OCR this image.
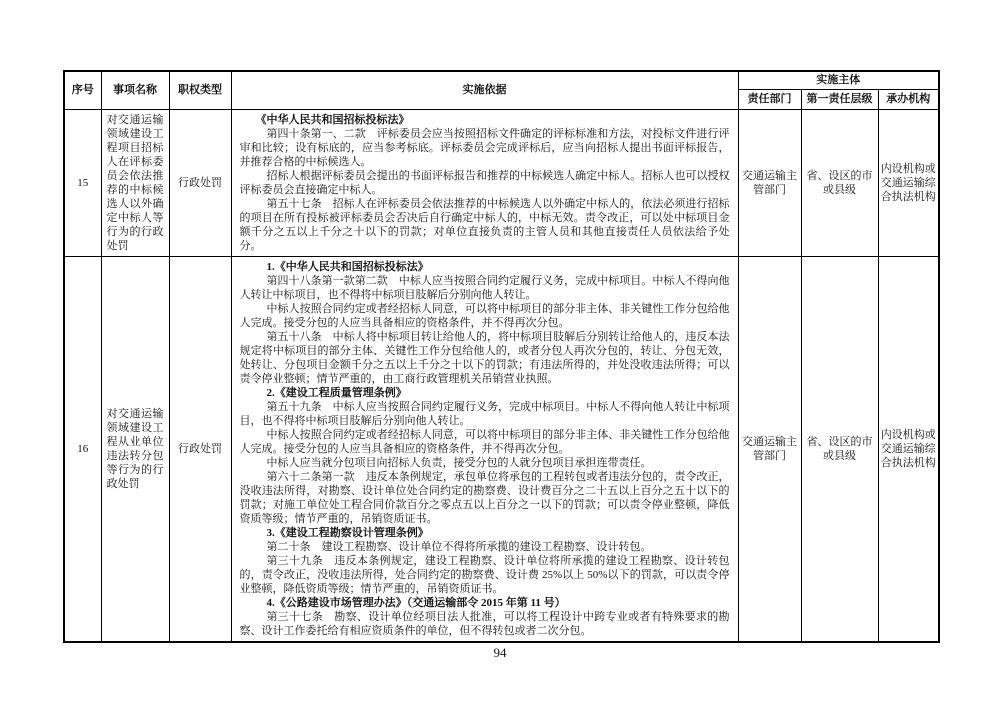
序号	事项名称	职权类型	实施依据	实施主体		
				责任部门	第一责任层级	承办机构
15	对交通运输领域建设工程项目招标人在评标委员会依法推荐的中标候选人以外确定中标人等行为的行政处罚	行政处罚	《中华人民共和国招标投标法》

第四十条第一、二款　评标委员会应当按照招标文件确定的评标标准和方法，对投标文件进行评审和比较；设有标底的，应当参考标底。评标委员会完成评标后，应当向招标人提出书面评标报告，并推荐合格的中标候选人。

招标人根据评标委员会提出的书面评标报告和推荐的中标候选人确定中标人。招标人也可以授权评标委员会直接确定中标人。

第五十七条　招标人在评标委员会依法推荐的中标候选人以外确定中标人的，依法必须进行招标的项目在所有投标被评标委员会否决后自行确定中标人的，中标无效。责令改正，可以处中标项目金额千分之五以上千分之十以下的罚款；对单位直接负责的主管人员和其他直接责任人员依法给予处分。	交通运输主管部门	省、设区的市或县级	内设机构或交通运输综合执法机构
16	对交通运输领域建设工程从业单位违法转分包等行为的行政处罚	行政处罚	

1.《中华人民共和国招标投标法》

第四十八条第一款第二款　中标人应当按照合同约定履行义务，完成中标项目。中标人不得向他人转让中标项目，也不得将中标项目肢解后分别向他人转让。

中标人按照合同约定或者经招标人同意，可以将中标项目的部分非主体、非关键性工作分包给他人完成。接受分包的人应当具备相应的资格条件，并不得再次分包。

第五十八条　中标人将中标项目转让给他人的，将中标项目肢解后分别转让给他人的，违反本法规定将中标项目的部分主体、关键性工作分包给他人的，或者分包人再次分包的，转让、分包无效，处转让、分包项目金额千分之五以上千分之十以下的罚款；有违法所得的，并处没收违法所得；可以责令停业整顿；情节严重的，由工商行政管理机关吊销营业执照。

2.《建设工程质量管理条例》

第五十九条　中标人应当按照合同约定履行义务，完成中标项目。中标人不得向他人转让中标项目，也不得将中标项目肢解后分别向他人转让。

中标人按照合同约定或者经招标人同意，可以将中标项目的部分非主体、非关键性工作分包给他人完成。接受分包的人应当具备相应的资格条件，并不得再次分包。

中标人应当就分包项目向招标人负责，接受分包的人就分包项目承担连带责任。

第六十二条第一款　违反本条例规定，承包单位将承包的工程转包或者违法分包的，责令改正，没收违法所得，对勘察、设计单位处合同约定的勘察费、设计费百分之二十五以上百分之五十以下的罚款；对施工单位处工程合同价款百分之零点五以上百分之一以下的罚款；可以责令停业整顿，降低资质等级；情节严重的，吊销资质证书。

3.《建设工程勘察设计管理条例》

第二十条　建设工程勘察、设计单位不得将所承揽的建设工程勘察、设计转包。

第三十九条　违反本条例规定，建设工程勘察、设计单位将所承揽的建设工程勘察、设计转包的，责令改正，没收违法所得，处合同约定的勘察费、设计费 25%以上 50%以下的罚款，可以责令停业整顿，降低资质等级；情节严重的，吊销资质证书。

4.《公路建设市场管理办法》（交通运输部令 2015 年第 11 号）

第三十七条　勘察、设计单位经项目法人批准，可以将工程设计中跨专业或者有特殊要求的勘察、设计工作委托给有相应资质条件的单位，但不得转包或者二次分包。

	交通运输主管部门	省、设区的市或县级	内设机构或交通运输综合执法机构
94
